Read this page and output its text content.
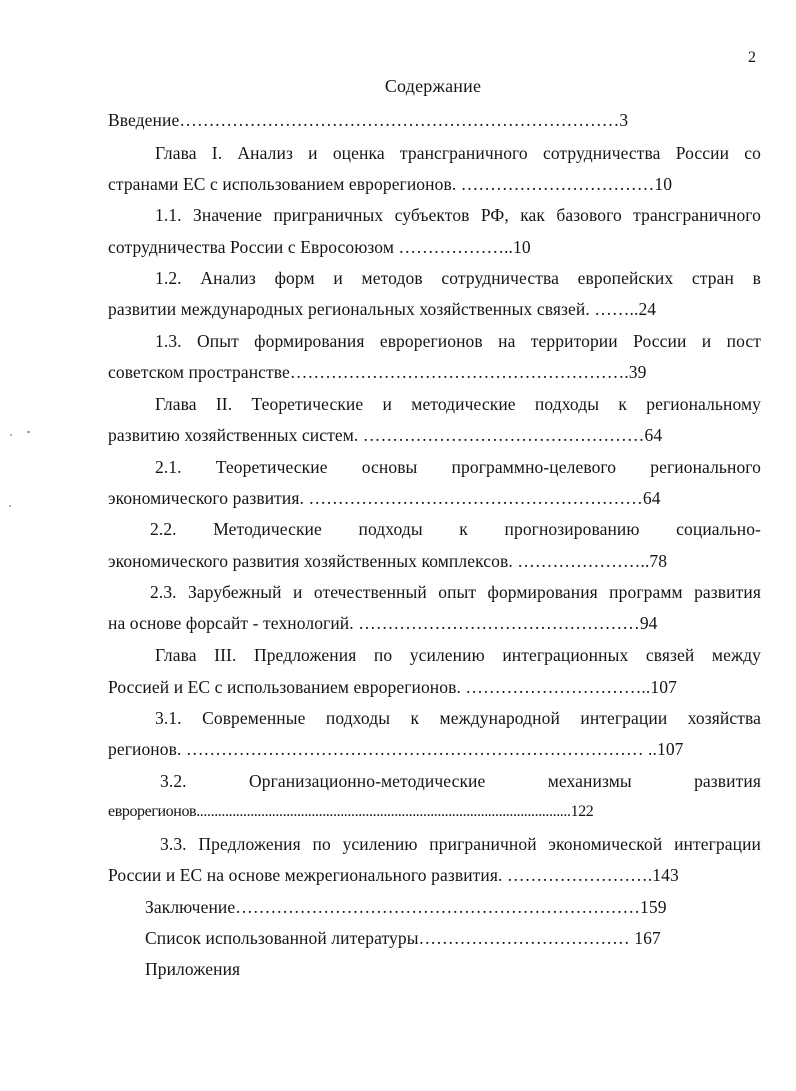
2
Содержание
Введение…………………………………………………………………3
Глава I. Анализ и оценка трансграничного сотрудничества России со
странами ЕС с использованием еврорегионов. ……………………………10
1.1. Значение приграничных субъектов РФ, как базового трансграничного
сотрудничества России с Евросоюзом ………………..10
1.2. Анализ форм и методов сотрудничества европейских стран в
развитии международных региональных хозяйственных связей. ……..24
1.3. Опыт формирования еврорегионов на территории России и пост
советском пространстве………………………………………………….39
Глава II. Теоретические и методические подходы к региональному
развитию хозяйственных систем. …………………………………………64
2.1. Теоретические основы программно-целевого регионального
экономического развития. …………………………………………………64
2.2. Методические подходы к прогнозированию социально-
экономического развития хозяйственных комплексов. …………………..78
2.3. Зарубежный и отечественный опыт формирования программ развития
на основе форсайт - технологий. …………………………………………94
Глава III. Предложения по усилению интеграционных связей между
Россией и ЕС с использованием еврорегионов. …………………………..107
3.1. Современные подходы к международной интеграции хозяйства
регионов. …………………………………………………………………… ..107
3.2. Организационно-методические механизмы развития
еврорегионов........................................................................................................122
3.3. Предложения по усилению приграничной экономической интеграции
России и ЕС на основе межрегионального развития. …………………….143
Заключение……………………………………………………………159
Список использованной литературы……………………………… 167
Приложения
